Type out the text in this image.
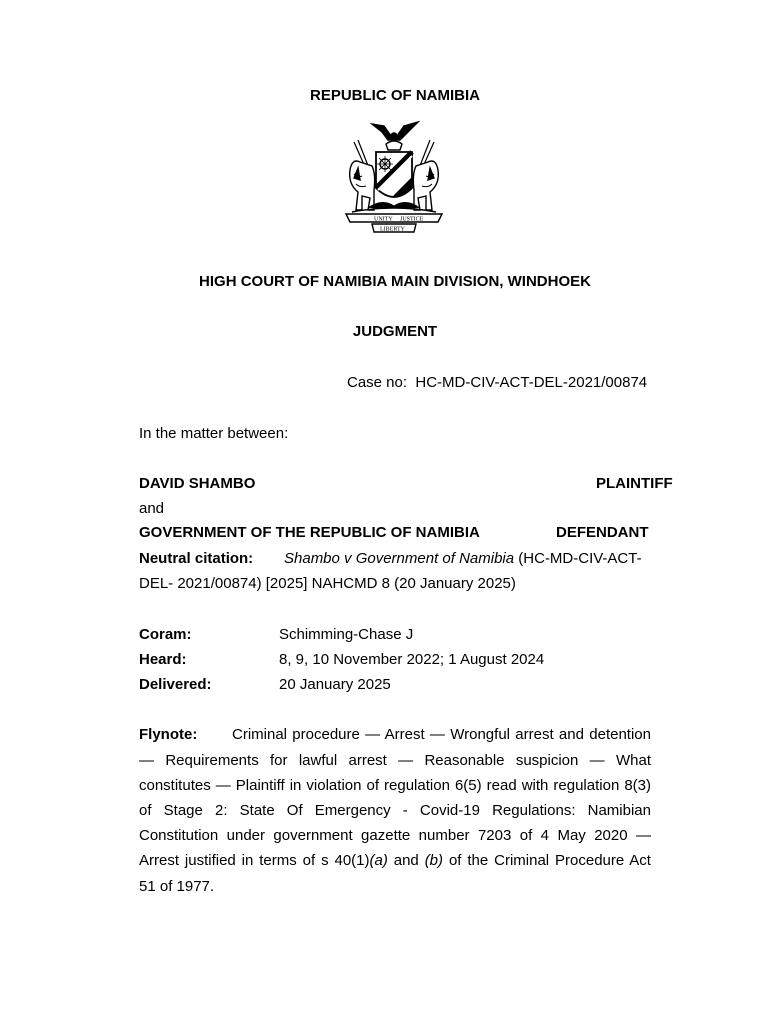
REPUBLIC OF NAMIBIA
UNITY JUSTICE
LIBERTY
HIGH COURT OF NAMIBIA MAIN DIVISION, WINDHOEK
JUDGMENT
Case no: HC-MD-CIV-ACT-DEL-2021/00874
In the matter between:
DAVID SHAMBO	PLAINTIFF
and
GOVERNMENT OF THE REPUBLIC OF NAMIBIA	DEFENDANT
Neutral citation: Shambo v Government of Namibia (HC-MD-CIV-ACT-
DEL- 2021/00874) [2025] NAHCMD 8 (20 January 2025)
Coram:	Schimming-Chase J
Heard:	8, 9, 10 November 2022; 1 August 2024
Delivered:	20 January 2025
Flynote: Criminal procedure — Arrest — Wrongful arrest and detention
— Requirements for lawful arrest — Reasonable suspicion — What
constitutes — Plaintiff in violation of regulation 6(5) read with regulation 8(3)
of Stage 2: State Of Emergency - Covid-19 Regulations: Namibian
Constitution under government gazette number 7203 of 4 May 2020 —
Arrest justified in terms of s 40(1)(a) and (b) of the Criminal Procedure Act
51 of 1977.
